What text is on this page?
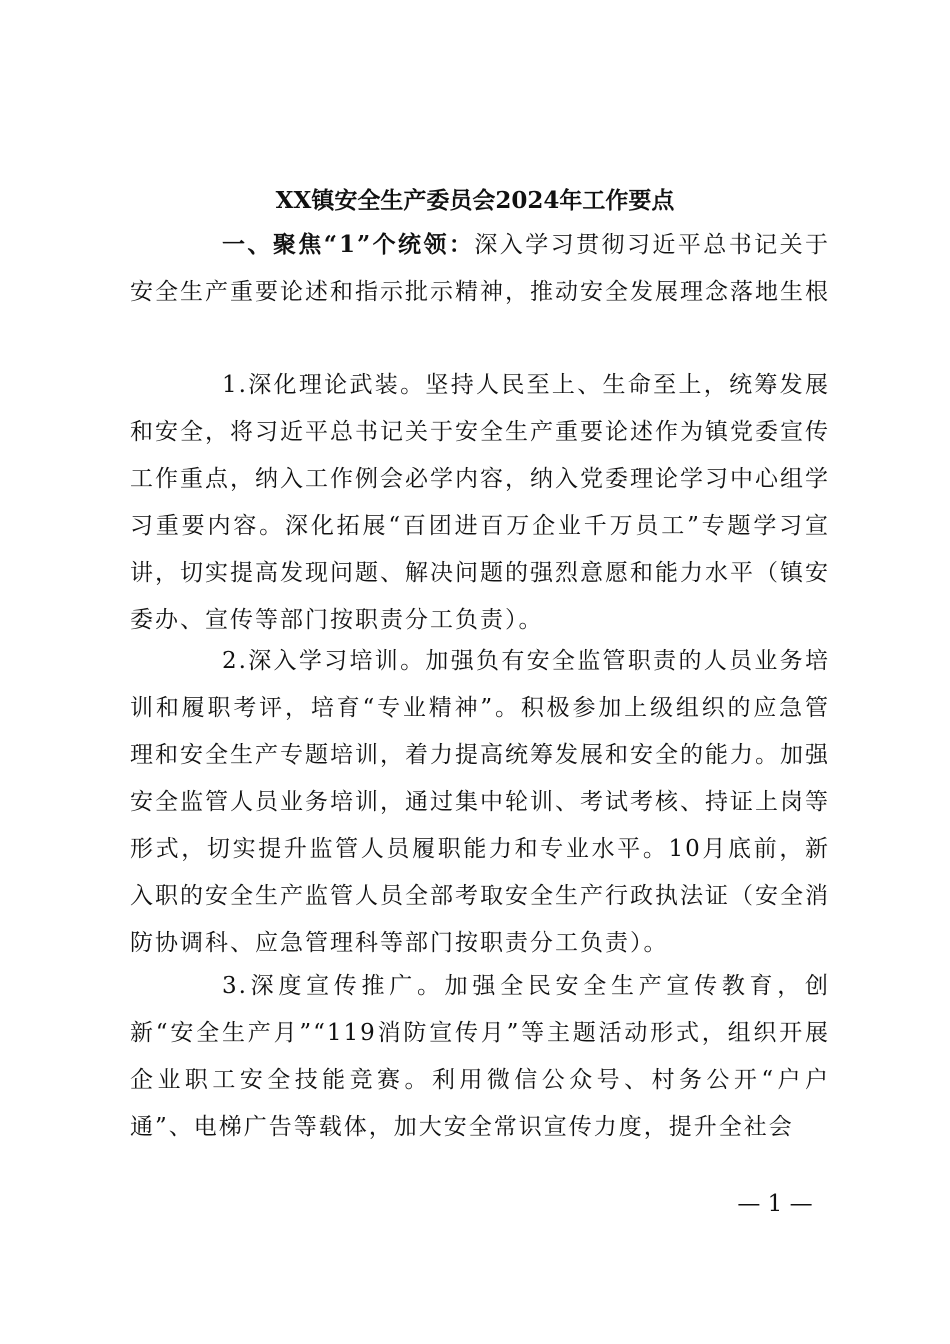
XX镇安全生产委员会2024年工作要点
一、聚焦“1”个统领：深入学习贯彻习近平总书记关于安全生产重要论述和指示批示精神，推动安全发展理念落地生根
1.深化理论武装。坚持人民至上、生命至上，统筹发展和安全，将习近平总书记关于安全生产重要论述作为镇党委宣传工作重点，纳入工作例会必学内容，纳入党委理论学习中心组学习重要内容。深化拓展“百团进百万企业千万员工”专题学习宣讲，切实提高发现问题、解决问题的强烈意愿和能力水平（镇安委办、宣传等部门按职责分工负责）。
2.深入学习培训。加强负有安全监管职责的人员业务培训和履职考评，培育“专业精神”。积极参加上级组织的应急管理和安全生产专题培训，着力提高统筹发展和安全的能力。加强安全监管人员业务培训，通过集中轮训、考试考核、持证上岗等形式，切实提升监管人员履职能力和专业水平。10月底前，新入职的安全生产监管人员全部考取安全生产行政执法证（安全消防协调科、应急管理科等部门按职责分工负责）。
3.深度宣传推广。加强全民安全生产宣传教育，创新“安全生产月”“119消防宣传月”等主题活动形式，组织开展企业职工安全技能竞赛。利用微信公众号、村务公开“户户通”、电梯广告等载体，加大安全常识宣传力度，提升全社会
— 1 —
